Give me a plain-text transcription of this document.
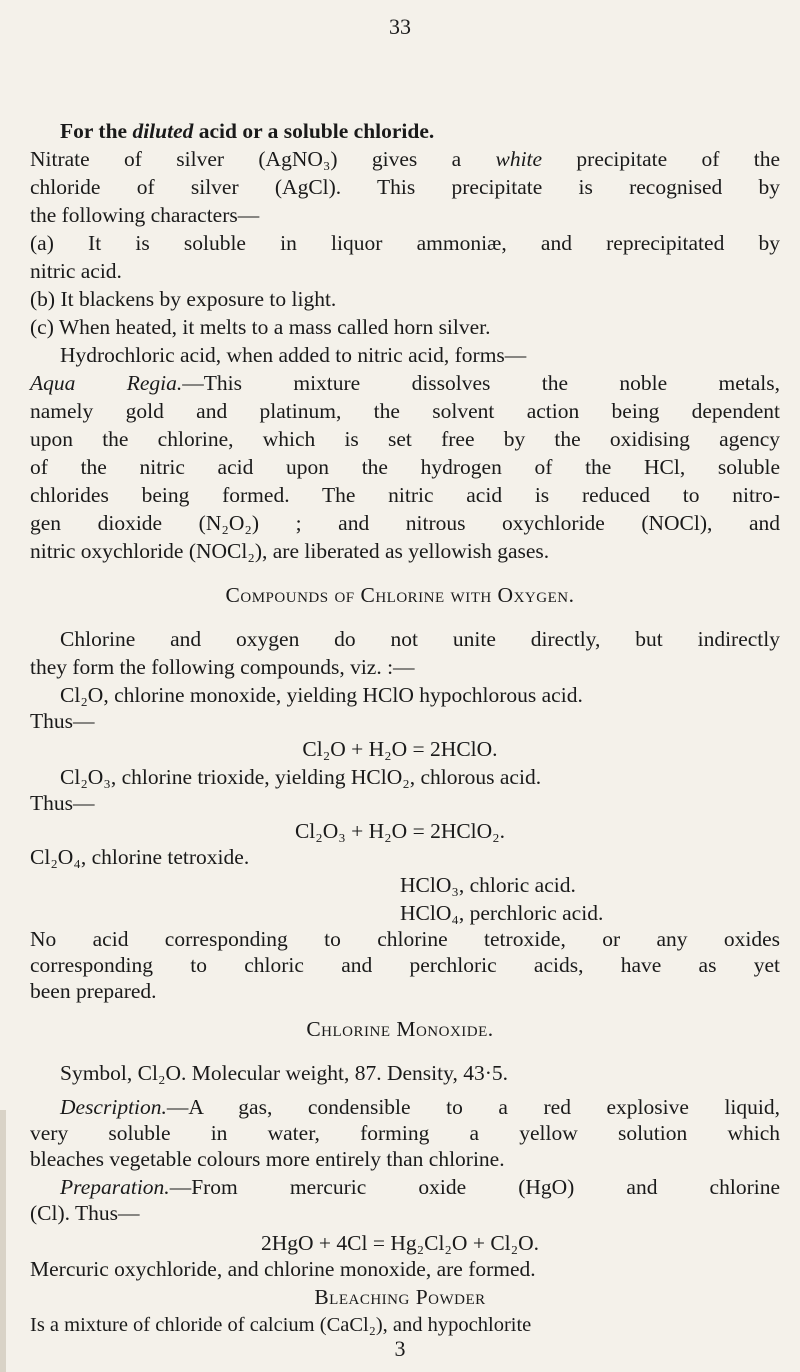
33
For the diluted acid or a soluble chloride.
Nitrate of silver (AgNO₃) gives a white precipitate of the
chloride of silver (AgCl). This precipitate is recognised by
the following characters—
(a) It is soluble in liquor ammoniæ, and reprecipitated by
nitric acid.
(b) It blackens by exposure to light.
(c) When heated, it melts to a mass called horn silver.
Hydrochloric acid, when added to nitric acid, forms—
Aqua Regia.—This mixture dissolves the noble metals,
namely gold and platinum, the solvent action being dependent
upon the chlorine, which is set free by the oxidising agency
of the nitric acid upon the hydrogen of the HCl, soluble
chlorides being formed. The nitric acid is reduced to nitro-
gen dioxide (N₂O₂) ; and nitrous oxychloride (NOCl), and
nitric oxychloride (NOCl₂), are liberated as yellowish gases.
Compounds of Chlorine with Oxygen.
Chlorine and oxygen do not unite directly, but indirectly
they form the following compounds, viz. :—
Cl₂O, chlorine monoxide, yielding HClO hypochlorous acid.
Thus—
Cl₂O + H₂O = 2HClO.
Cl₂O₃, chlorine trioxide, yielding HClO₂, chlorous acid.
Thus—
Cl₂O₃ + H₂O = 2HClO₂.
Cl₂O₄, chlorine tetroxide.
HClO₃, chloric acid.
HClO₄, perchloric acid.
No acid corresponding to chlorine tetroxide, or any oxides
corresponding to chloric and perchloric acids, have as yet
been prepared.
Chlorine Monoxide.
Symbol, Cl₂O. Molecular weight, 87. Density, 43·5.
Description.—A gas, condensible to a red explosive liquid,
very soluble in water, forming a yellow solution which
bleaches vegetable colours more entirely than chlorine.
Preparation.—From mercuric oxide (HgO) and chlorine
(Cl). Thus—
2HgO + 4Cl = Hg₂Cl₂O + Cl₂O.
Mercuric oxychloride, and chlorine monoxide, are formed.
Bleaching Powder
Is a mixture of chloride of calcium (CaCl₂), and hypochlorite
3
